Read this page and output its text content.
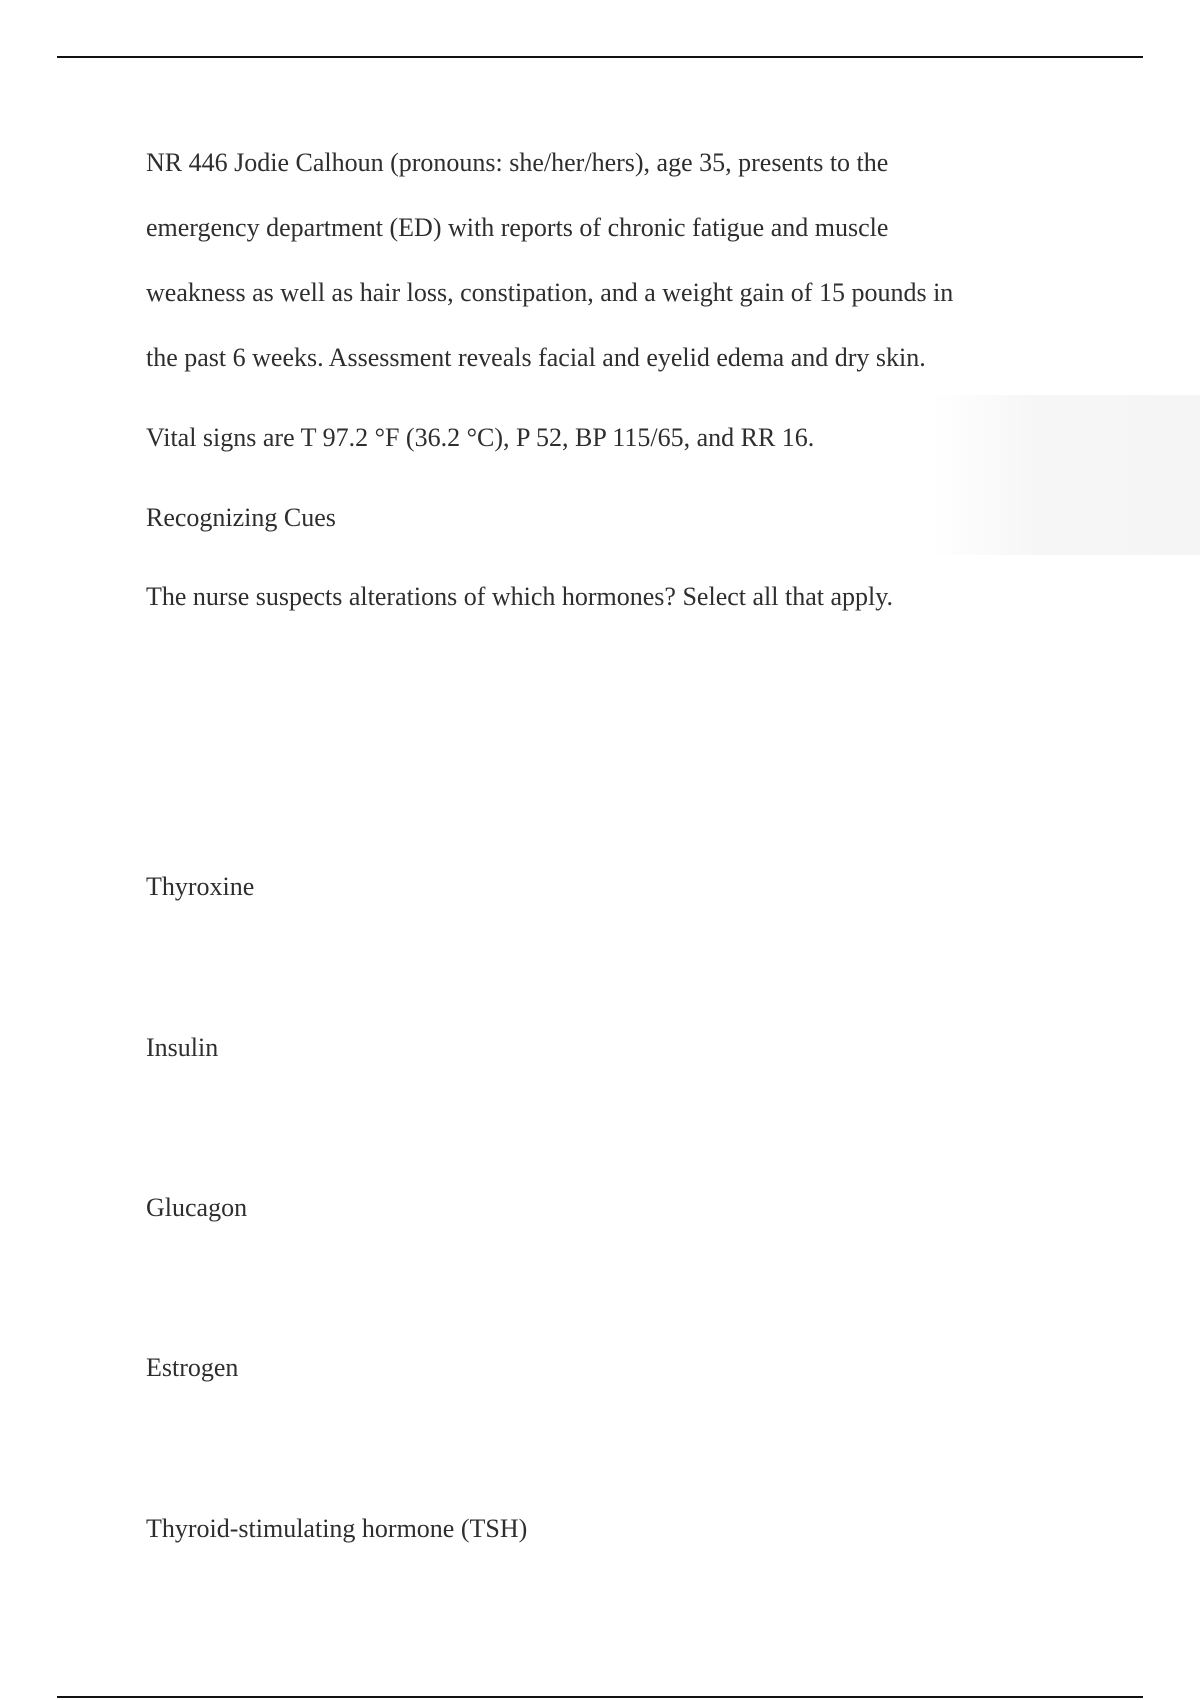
NR 446 Jodie Calhoun (pronouns: she/her/hers), age 35, presents to the

emergency department (ED) with reports of chronic fatigue and muscle

weakness as well as hair loss, constipation, and a weight gain of 15 pounds in

the past 6 weeks. Assessment reveals facial and eyelid edema and dry skin.

Vital signs are T 97.2 °F (36.2 °C), P 52, BP 115/65, and RR 16.

Recognizing Cues

The nurse suspects alterations of which hormones? Select all that apply.

Thyroxine

Insulin

Glucagon

Estrogen

Thyroid-stimulating hormone (TSH)
